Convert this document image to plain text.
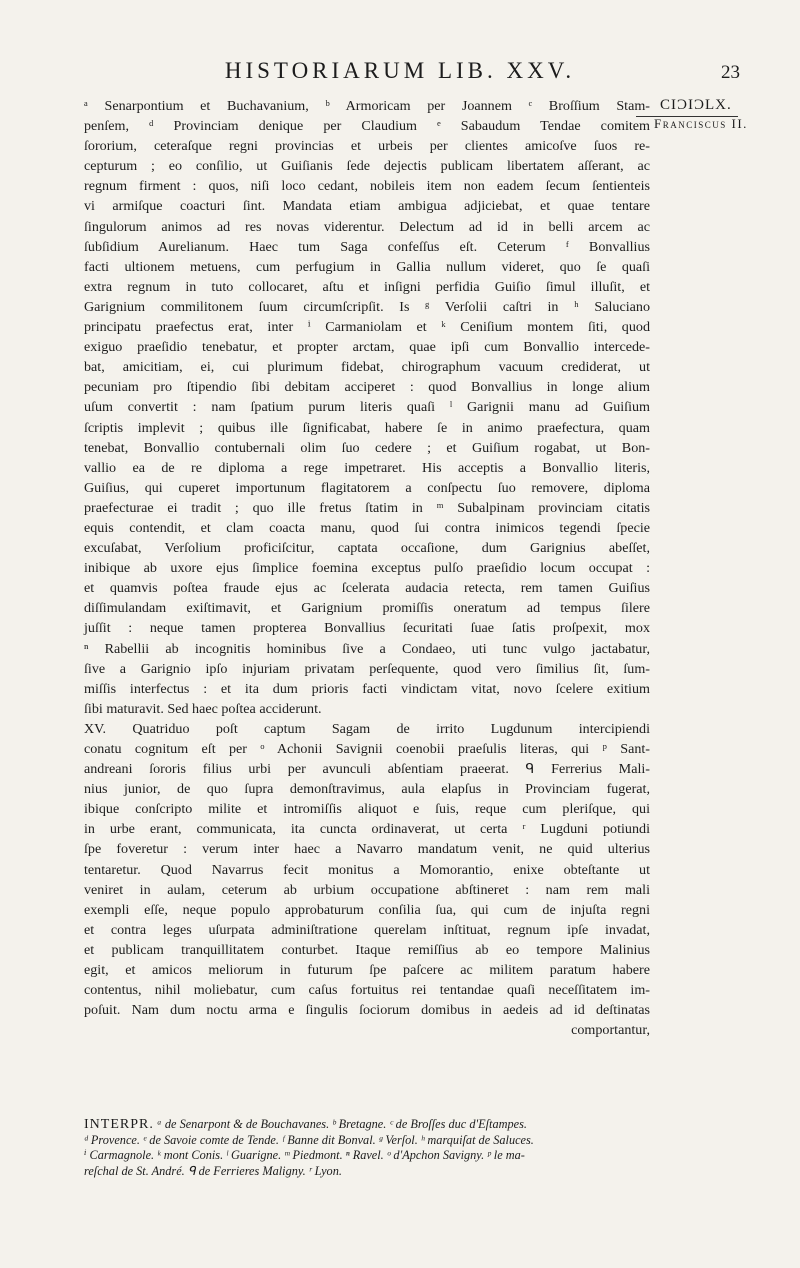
HISTORIARUM LIB. XXV.	23
CIƆIƆLX.
Franciscus II.
ᵃ Senarpontium et Buchavanium, ᵇ Armoricam per Joannem ᶜ Broſſium Stam-
penſem, ᵈ Provinciam denique per Claudium ᵉ Sabaudum Tendae comitem
ſororium, ceteraſque regni provincias et urbeis per clientes amicoſve ſuos re-
cepturum ; eo conſilio, ut Guiſianis ſede dejectis publicam libertatem aſſerant, ac
regnum firment : quos, niſi loco cedant, nobileis item non eadem ſecum ſentienteis
vi armiſque coacturi ſint. Mandata etiam ambigua adjiciebat, et quae tentare
ſingulorum animos ad res novas viderentur. Delectum ad id in belli arcem ac
ſubſidium Aurelianum. Haec tum Saga confeſſus eſt. Ceterum ᶠ Bonvallius
facti ultionem metuens, cum perfugium in Gallia nullum videret, quo ſe quaſi
extra regnum in tuto collocaret, aſtu et inſigni perfidia Guiſio ſimul illuſit, et
Garignium commilitonem ſuum circumſcripſit. Is ᵍ Verſolii caſtri in ʰ Saluciano
principatu praefectus erat, inter ⁱ Carmaniolam et ᵏ Ceniſium montem ſiti, quod
exiguo praeſidio tenebatur, et propter arctam, quae ipſi cum Bonvallio intercede-
bat, amicitiam, ei, cui plurimum fidebat, chirographum vacuum crediderat, ut
pecuniam pro ſtipendio ſibi debitam acciperet : quod Bonvallius in longe alium
uſum convertit : nam ſpatium purum literis quaſi ˡ Garignii manu ad Guiſium
ſcriptis implevit ; quibus ille ſignificabat, habere ſe in animo praefectura, quam
tenebat, Bonvallio contubernali olim ſuo cedere ; et Guiſium rogabat, ut Bon-
vallio ea de re diploma a rege impetraret. His acceptis a Bonvallio literis,
Guiſius, qui cuperet importunum flagitatorem a conſpectu ſuo removere, diploma
praefecturae ei tradit ; quo ille fretus ſtatim in ᵐ Subalpinam provinciam citatis
equis contendit, et clam coacta manu, quod ſui contra inimicos tegendi ſpecie
excuſabat, Verſolium proficiſcitur, captata occaſione, dum Garignius abeſſet,
inibique ab uxore ejus ſimplice foemina exceptus pulſo praeſidio locum occupat :
et quamvis poſtea fraude ejus ac ſcelerata audacia retecta, rem tamen Guiſius
diſſimulandam exiſtimavit, et Garignium promiſſis oneratum ad tempus ſilere
juſſit : neque tamen propterea Bonvallius ſecuritati ſuae ſatis proſpexit, mox
ⁿ Rabellii ab incognitis hominibus ſive a Condaeo, uti tunc vulgo jactabatur,
ſive a Garignio ipſo injuriam privatam perſequente, quod vero ſimilius ſit, ſum-
miſſis interfectus : et ita dum prioris facti vindictam vitat, novo ſcelere exitium
ſibi maturavit. Sed haec poſtea acciderunt.
XV. Quatriduo poſt captum Sagam de irrito Lugdunum intercipiendi
conatu cognitum eſt per ᵒ Achonii Savignii coenobii praeſulis literas, qui ᵖ Sant-
andreani ſororis filius urbi per avunculi abſentiam praeerat. ᑫ Ferrerius Mali-
nius junior, de quo ſupra demonſtravimus, aula elapſus in Provinciam fugerat,
ibique conſcripto milite et intromiſſis aliquot e ſuis, reque cum pleriſque, qui
in urbe erant, communicata, ita cuncta ordinaverat, ut certa ʳ Lugduni potiundi
ſpe foveretur : verum inter haec a Navarro mandatum venit, ne quid ulterius
tentaretur. Quod Navarrus fecit monitus a Momorantio, enixe obteſtante ut
veniret in aulam, ceterum ab urbium occupatione abſtineret : nam rem mali
exempli eſſe, neque populo approbaturum conſilia ſua, qui cum de injuſta regni
et contra leges uſurpata adminiſtratione querelam inſtituat, regnum ipſe invadat,
et publicam tranquillitatem conturbet. Itaque remiſſius ab eo tempore Malinius
egit, et amicos meliorum in futurum ſpe paſcere ac militem paratum habere
contentus, nihil moliebatur, cum caſus fortuitus rei tentandae quaſi neceſſitatem im-
poſuit. Nam dum noctu arma e ſingulis ſociorum domibus in aedeis ad id deſtinatas
comportantur,
INTERPR. ᵃ de Senarpont & de Bouchavanes. ᵇ Bretagne. ᶜ de Broſſes duc d'Eſtampes.
ᵈ Provence. ᵉ de Savoie comte de Tende. ᶠ Banne dit Bonval. ᵍ Verſol. ʰ marquiſat de Saluces.
ⁱ Carmagnole. ᵏ mont Conis. ˡ Guarigne. ᵐ Piedmont. ⁿ Ravel. ᵒ d'Apchon Savigny. ᵖ le ma-
reſchal de St. André. ᑫ de Ferrieres Maligny. ʳ Lyon.
